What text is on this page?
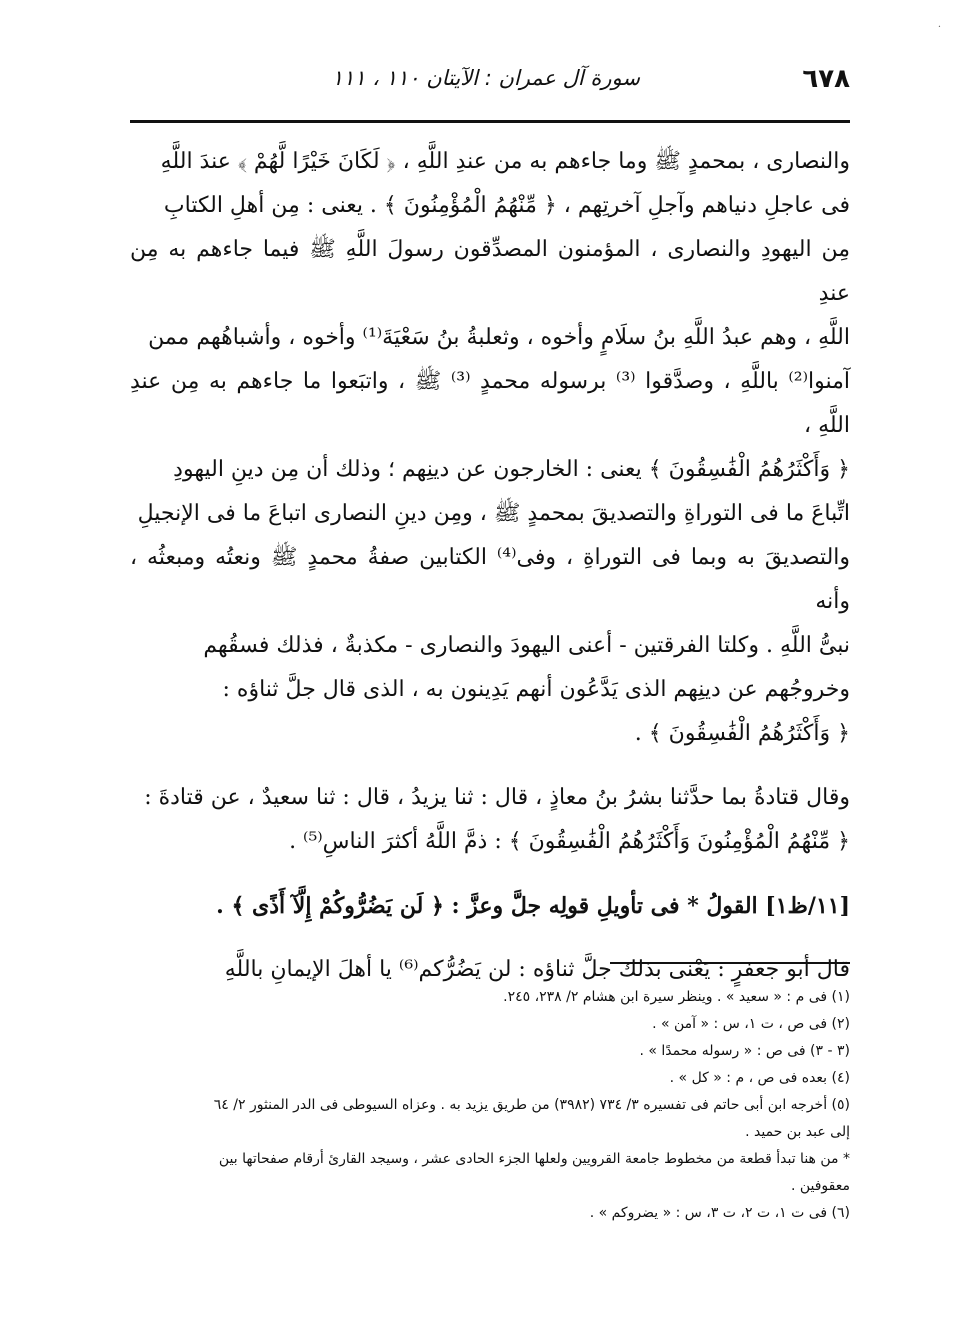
٦٧٨
سورة آل عمران : الآيتان ١١٠ ، ١١١
·

والنصارى ، بمحمدٍ ﷺ وما جاءهم به من عندِ اللَّهِ ، ﴿ لَكَانَ خَيْرًا لَّهُمْ ﴾ عندَ اللَّهِ

فى عاجلِ دنياهم وآجلِ آخرتِهم ، ﴿ مِّنْهُمُ الْمُؤْمِنُونَ ﴾ . يعنى : مِن أهلِ الكتابِ

مِن اليهودِ والنصارى ، المؤمنون المصدِّقون رسولَ اللَّهِ ﷺ فيما جاءهم به مِن عندِ

اللَّهِ ، وهم عبدُ اللَّهِ بنُ سلَامٍ وأخوه ، وثعلبةُ بنُ سَعْيَةَ⁽¹⁾ وأخوه ، وأشباهُهم ممن

آمنوا⁽²⁾ باللَّهِ ، وصدَّقوا ⁽³⁾ برسوله محمدٍ ⁽³⁾ ﷺ ، واتبَعوا ما جاءهم به مِن عندِ اللَّهِ ،

﴿ وَأَكْثَرُهُمُ الْفَٰسِقُونَ ﴾ يعنى : الخارجون عن دينِهم ؛ وذلك أن مِن دينِ اليهودِ

اتِّباعَ ما فى التوراةِ والتصديقَ بمحمدٍ ﷺ ، ومِن دينِ النصارى اتباعَ ما فى الإنجيلِ

والتصديقَ به وبما فى التوراةِ ، وفى⁽⁴⁾ الكتابين صفةُ محمدٍ ﷺ ونعتُه ومبعثُه ، وأنه

نبىُّ اللَّهِ . وكلتا الفرقتين - أعنى اليهودَ والنصارى - مكذبةٌ ، فذلك فسقُهم

وخروجُهم عن دينِهم الذى يَدَّعُون أنهم يَدِينون به ، الذى قال جلَّ ثناؤه :

﴿ وَأَكْثَرُهُمُ الْفَٰسِقُونَ ﴾ .

وقال قتادةُ بما حدَّثنا بشرُ بنُ معاذٍ ، قال : ثنا يزيدُ ، قال : ثنا سعيدٌ ، عن قتادةَ :

﴿ مِّنْهُمُ الْمُؤْمِنُونَ وَأَكْثَرُهُمُ الْفَٰسِقُونَ ﴾ : ذمَّ اللَّهُ أكثرَ الناسِ⁽⁵⁾ .

[١١/ظ١] القولُ * فى تأويلِ قولِه جلَّ وعزَّ : ﴿ لَن يَضُرُّوكُمْ إِلَّآ أَذًى ﴾ .

قال أبو جعفرٍ : يَعْنى بذلك جلَّ ثناؤه : لن يَضُرُّكم⁽⁶⁾ يا أهلَ الإيمانِ باللَّهِ

(١) فى م : « سعيد » . وينظر سيرة ابن هشام ٢/ ٢٣٨، ٢٤٥.

(٢) فى ص ، ت ١، س : « آمن » .

(٣ - ٣) فى ص : « رسوله محمدًا » .

(٤) بعده فى ص ، م : « كل » .

(٥) أخرجه ابن أبى حاتم فى تفسيره ٣/ ٧٣٤ (٣٩٨٢) من طريق يزيد به . وعزاه السيوطى فى الدر المنثور ٢/ ٦٤

إلى عبد بن حميد .

* من هنا تبدأ قطعة من مخطوط جامعة القرويين ولعلها الجزء الحادى عشر ، وسيجد القارئ أرقام صفحاتها بين

معقوفين .

(٦) فى ت ١، ت ٢، ت ٣، س : « يضروكم » .
